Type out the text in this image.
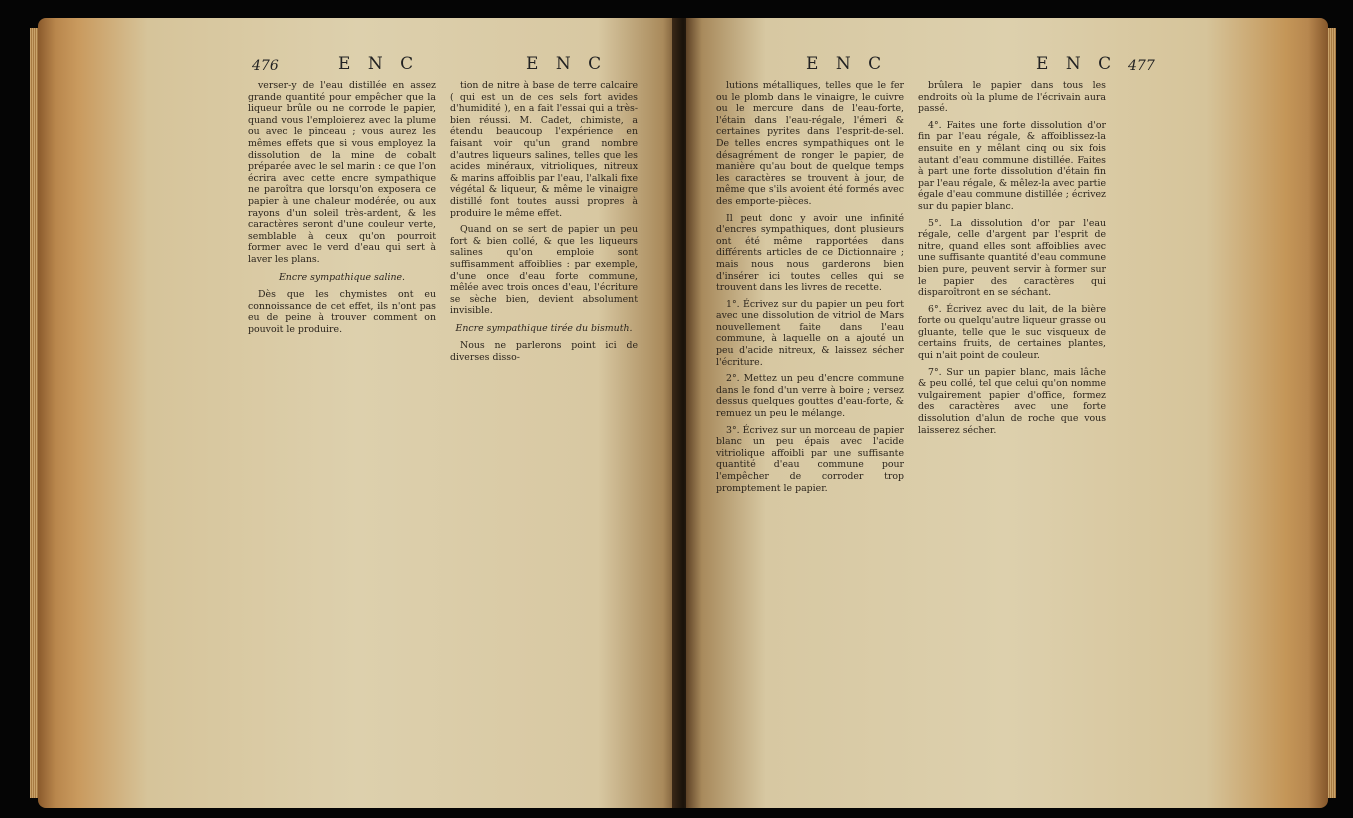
476	E N C	E N C

verser-y de l'eau distillée en assez grande quantité pour empêcher que la liqueur brûle ou ne corrode le papier, quand vous l'emploierez avec la plume ou avec le pinceau ; vous aurez les mêmes effets que si vous employez la dissolution de la mine de cobalt préparée avec le sel marin : ce que l'on écrira avec cette encre sympathique ne paroîtra que lorsqu'on exposera ce papier à une chaleur modérée, ou aux rayons d'un soleil très-ardent, & les caractères seront d'une couleur verte, semblable à ceux qu'on pourroit former avec le verd d'eau qui sert à laver les plans.

Encre sympathique saline.

Dès que les chymistes ont eu connoissance de cet effet, ils n'ont pas eu de peine à trouver comment on pouvoit le produire.

tion de nitre à base de terre calcaire ( qui est un de ces sels fort avides d'humidité ), en a fait l'essai qui a très-bien réussi. M. Cadet, chimiste, a étendu beaucoup l'expérience en faisant voir qu'un grand nombre d'autres liqueurs salines, telles que les acides minéraux, vitrioliques, nitreux & marins affoiblis par l'eau, l'alkali fixe végétal & liqueur, & même le vinaigre distillé font toutes aussi propres à produire le même effet.

Quand on se sert de papier un peu fort & bien collé, & que les liqueurs salines qu'on emploie sont suffisamment affoiblies : par exemple, d'une once d'eau forte commune, mêlée avec trois onces d'eau, l'écriture se sèche bien, devient absolument invisible.

Encre sympathique tirée du bismuth.

Nous ne parlerons point ici de diverses disso-

E N C	E N C 477

lutions métalliques, telles que le fer ou le plomb dans le vinaigre, le cuivre ou le mercure dans de l'eau-forte, l'étain dans l'eau-régale, l'émeri & certaines pyrites dans l'esprit-de-sel. De telles encres sympathiques ont le désagrément de ronger le papier, de manière qu'au bout de quelque temps les caractères se trouvent à jour, de même que s'ils avoient été formés avec des emporte-pièces.

Il peut donc y avoir une infinité d'encres sympathiques, dont plusieurs ont été même rapportées dans différents articles de ce Dictionnaire ; mais nous nous garderons bien d'insérer ici toutes celles qui se trouvent dans les livres de recette.

1°. Écrivez sur du papier un peu fort avec une dissolution de vitriol de Mars nouvellement faite dans l'eau commune, à laquelle on a ajouté un peu d'acide nitreux, & laissez sécher l'écriture.

2°. Mettez un peu d'encre commune dans le fond d'un verre à boire ; versez dessus quelques gouttes d'eau-forte, & remuez un peu le mélange.

3°. Écrivez sur un morceau de papier blanc un peu épais avec l'acide vitriolique affoibli par une suffisante quantité d'eau commune pour l'empêcher de corroder trop promptement le papier.

brûlera le papier dans tous les endroits où la plume de l'écrivain aura passé.

4°. Faites une forte dissolution d'or fin par l'eau régale, & affoiblissez-la ensuite en y mêlant cinq ou six fois autant d'eau commune distillée. Faites à part une forte dissolution d'étain fin par l'eau régale, & mêlez-la avec partie égale d'eau commune distillée ; écrivez sur du papier blanc.

5°. La dissolution d'or par l'eau régale, celle d'argent par l'esprit de nitre, quand elles sont affoiblies avec une suffisante quantité d'eau commune bien pure, peuvent servir à former sur le papier des caractères qui disparoîtront en se séchant.

6°. Écrivez avec du lait, de la bière forte ou quelqu'autre liqueur grasse ou gluante, telle que le suc visqueux de certains fruits, de certaines plantes, qui n'ait point de couleur.

7°. Sur un papier blanc, mais lâche & peu collé, tel que celui qu'on nomme vulgairement papier d'office, formez des caractères avec une forte dissolution d'alun de roche que vous laisserez sécher.
